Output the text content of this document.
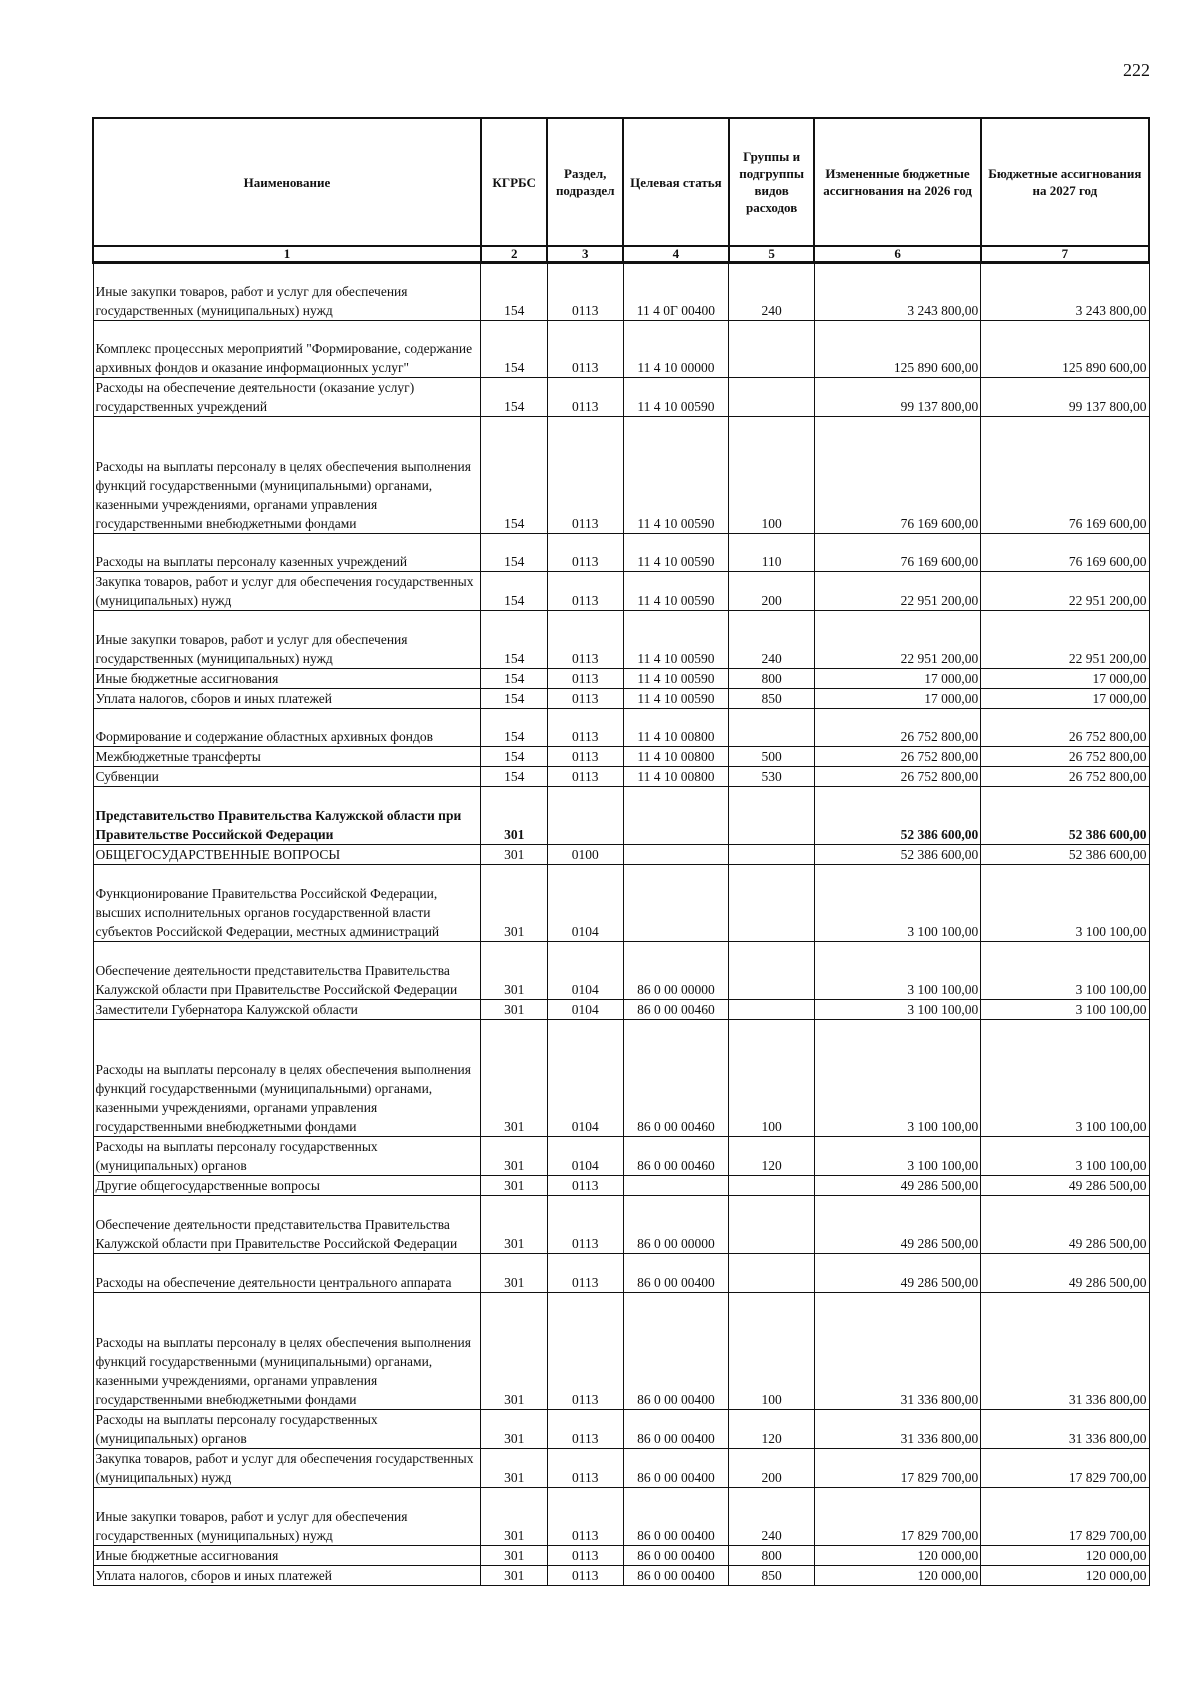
222
Наименование	КГРБС	Раздел, подраздел	Целевая статья	Группы и подгруппы видов расходов	Измененные бюджетные ассигнования на 2026 год	Бюджетные ассигнования на 2027 год
1	2	3	4	5	6	7
Иные закупки товаров, работ и услуг для обеспечения государственных (муниципальных) нужд	154	0113	11 4 0Г 00400	240	3 243 800,00	3 243 800,00
Комплекс процессных мероприятий "Формирование, содержание архивных фондов и оказание информационных услуг"	154	0113	11 4 10 00000		125 890 600,00	125 890 600,00
Расходы на обеспечение деятельности (оказание услуг) государственных учреждений	154	0113	11 4 10 00590		99 137 800,00	99 137 800,00
Расходы на выплаты персоналу в целях обеспечения выполнения функций государственными (муниципальными) органами, казенными учреждениями, органами управления государственными внебюджетными фондами	154	0113	11 4 10 00590	100	76 169 600,00	76 169 600,00
Расходы на выплаты персоналу казенных учреждений	154	0113	11 4 10 00590	110	76 169 600,00	76 169 600,00
Закупка товаров, работ и услуг для обеспечения государственных (муниципальных) нужд	154	0113	11 4 10 00590	200	22 951 200,00	22 951 200,00
Иные закупки товаров, работ и услуг для обеспечения государственных (муниципальных) нужд	154	0113	11 4 10 00590	240	22 951 200,00	22 951 200,00
Иные бюджетные ассигнования	154	0113	11 4 10 00590	800	17 000,00	17 000,00
Уплата налогов, сборов и иных платежей	154	0113	11 4 10 00590	850	17 000,00	17 000,00
Формирование и содержание областных архивных фондов	154	0113	11 4 10 00800		26 752 800,00	26 752 800,00
Межбюджетные трансферты	154	0113	11 4 10 00800	500	26 752 800,00	26 752 800,00
Субвенции	154	0113	11 4 10 00800	530	26 752 800,00	26 752 800,00
Представительство Правительства Калужской области при Правительстве Российской Федерации	301				52 386 600,00	52 386 600,00
ОБЩЕГОСУДАРСТВЕННЫЕ ВОПРОСЫ	301	0100			52 386 600,00	52 386 600,00
Функционирование Правительства Российской Федерации, высших исполнительных органов государственной власти субъектов Российской Федерации, местных администраций	301	0104			3 100 100,00	3 100 100,00
Обеспечение деятельности представительства Правительства Калужской области при Правительстве Российской Федерации	301	0104	86 0 00 00000		3 100 100,00	3 100 100,00
Заместители Губернатора Калужской области	301	0104	86 0 00 00460		3 100 100,00	3 100 100,00
Расходы на выплаты персоналу в целях обеспечения выполнения функций государственными (муниципальными) органами, казенными учреждениями, органами управления государственными внебюджетными фондами	301	0104	86 0 00 00460	100	3 100 100,00	3 100 100,00
Расходы на выплаты персоналу государственных (муниципальных) органов	301	0104	86 0 00 00460	120	3 100 100,00	3 100 100,00
Другие общегосударственные вопросы	301	0113			49 286 500,00	49 286 500,00
Обеспечение деятельности представительства Правительства Калужской области при Правительстве Российской Федерации	301	0113	86 0 00 00000		49 286 500,00	49 286 500,00
Расходы на обеспечение деятельности центрального аппарата	301	0113	86 0 00 00400		49 286 500,00	49 286 500,00
Расходы на выплаты персоналу в целях обеспечения выполнения функций государственными (муниципальными) органами, казенными учреждениями, органами управления государственными внебюджетными фондами	301	0113	86 0 00 00400	100	31 336 800,00	31 336 800,00
Расходы на выплаты персоналу государственных (муниципальных) органов	301	0113	86 0 00 00400	120	31 336 800,00	31 336 800,00
Закупка товаров, работ и услуг для обеспечения государственных (муниципальных) нужд	301	0113	86 0 00 00400	200	17 829 700,00	17 829 700,00
Иные закупки товаров, работ и услуг для обеспечения государственных (муниципальных) нужд	301	0113	86 0 00 00400	240	17 829 700,00	17 829 700,00
Иные бюджетные ассигнования	301	0113	86 0 00 00400	800	120 000,00	120 000,00
Уплата налогов, сборов и иных платежей	301	0113	86 0 00 00400	850	120 000,00	120 000,00
